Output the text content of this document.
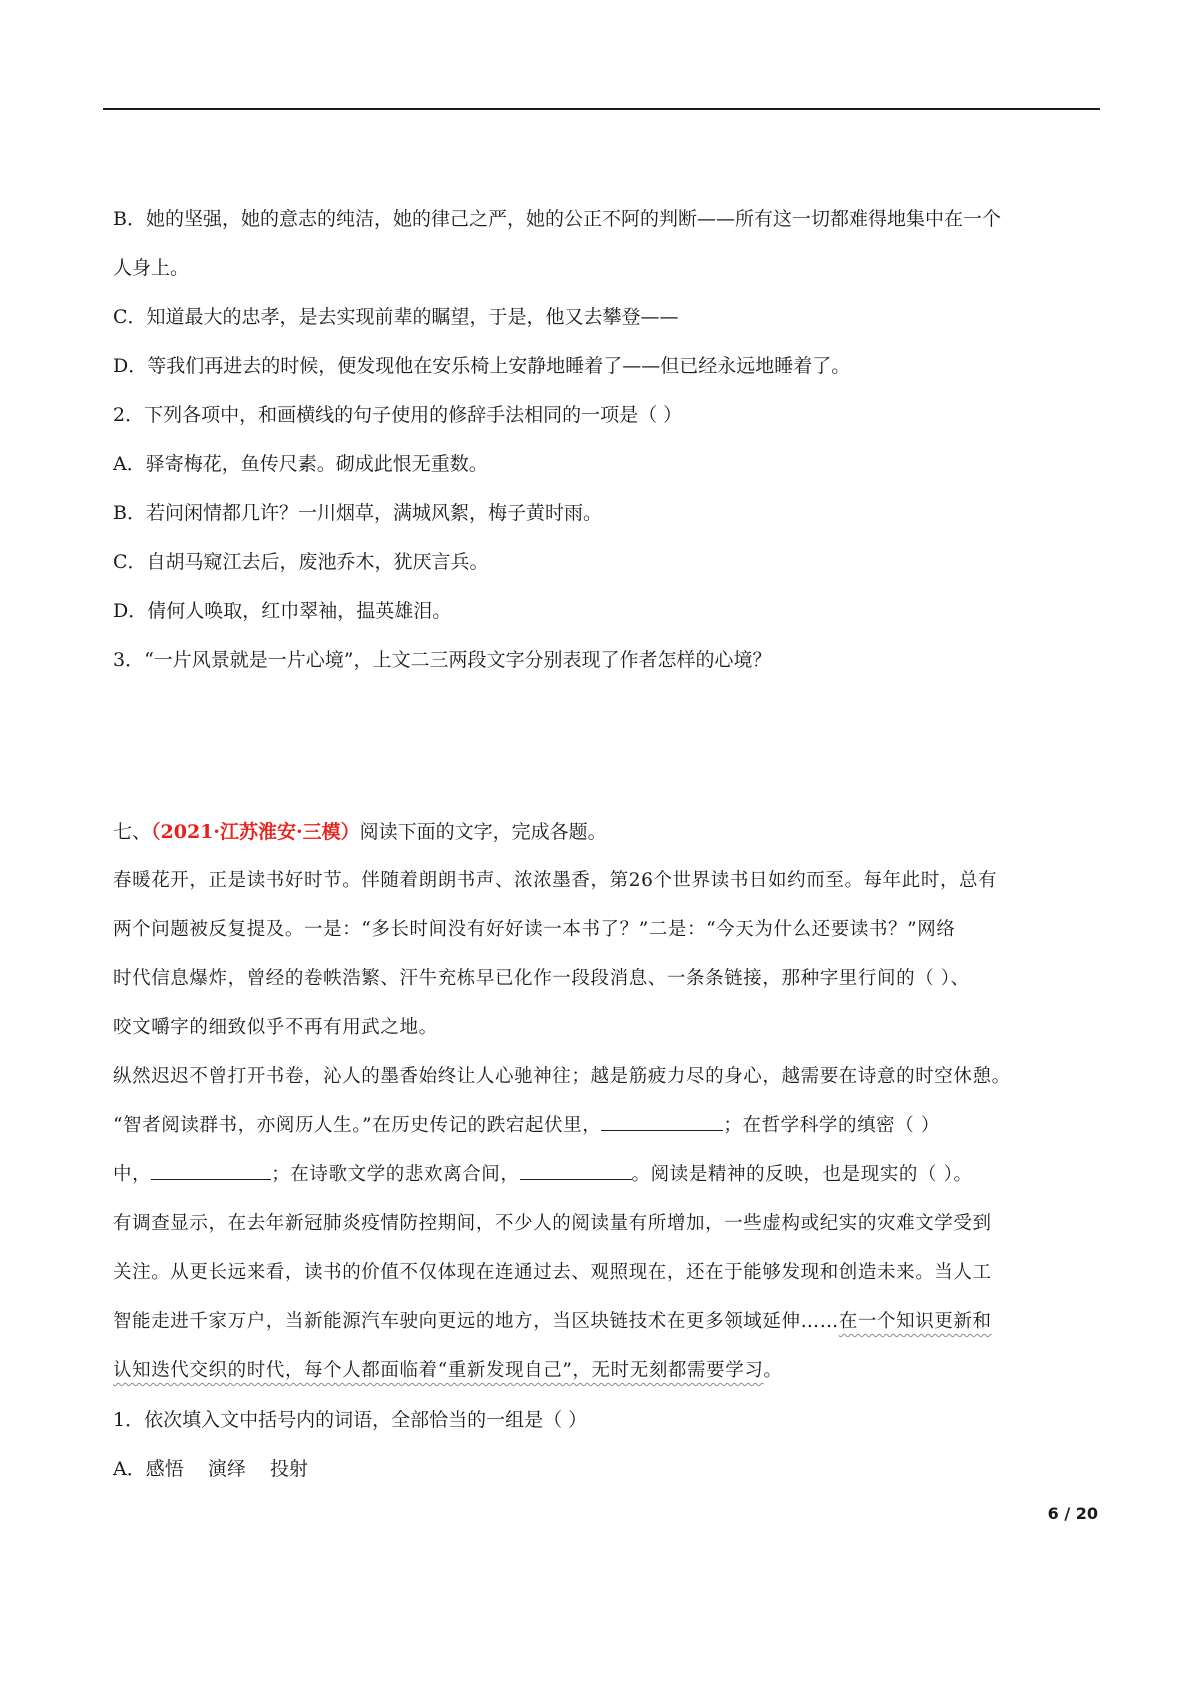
B．她的坚强，她的意志的纯洁，她的律己之严，她的公正不阿的判断——所有这一切都难得地集中在一个
人身上。
C．知道最大的忠孝，是去实现前辈的瞩望，于是，他又去攀登——
D．等我们再进去的时候，便发现他在安乐椅上安静地睡着了——但已经永远地睡着了。
2．下列各项中，和画横线的句子使用的修辞手法相同的一项是（ ）
A．驿寄梅花，鱼传尺素。砌成此恨无重数。
B．若问闲情都几许？一川烟草，满城风絮，梅子黄时雨。
C．自胡马窥江去后，废池乔木，犹厌言兵。
D．倩何人唤取，红巾翠袖，揾英雄泪。
3．“一片风景就是一片心境”，上文二三两段文字分别表现了作者怎样的心境？
七、（2021·江苏淮安·三模）阅读下面的文字，完成各题。
春暖花开，正是读书好时节。伴随着朗朗书声、浓浓墨香，第26个世界读书日如约而至。每年此时，总有
两个问题被反复提及。一是：“多长时间没有好好读一本书了？”二是：“今天为什么还要读书？”网络
时代信息爆炸，曾经的卷帙浩繁、汗牛充栋早已化作一段段消息、一条条链接，那种字里行间的（ ）、
咬文嚼字的细致似乎不再有用武之地。
纵然迟迟不曾打开书卷，沁人的墨香始终让人心驰神往；越是筋疲力尽的身心，越需要在诗意的时空休憩。
“智者阅读群书，亦阅历人生。”在历史传记的跌宕起伏里，	；在哲学科学的缜密（ ）
中，	；在诗歌文学的悲欢离合间，	。阅读是精神的反映，也是现实的（ ）。
有调查显示，在去年新冠肺炎疫情防控期间，不少人的阅读量有所增加，一些虚构或纪实的灾难文学受到
关注。从更长远来看，读书的价值不仅体现在连通过去、观照现在，还在于能够发现和创造未来。当人工
智能走进千家万户，当新能源汽车驶向更远的地方，当区块链技术在更多领域延伸……在一个知识更新和
认知迭代交织的时代，每个人都面临着“重新发现自己”，无时无刻都需要学习。
1．依次填入文中括号内的词语，全部恰当的一组是（ ）
A．感悟    演绎    投射
6 / 20
